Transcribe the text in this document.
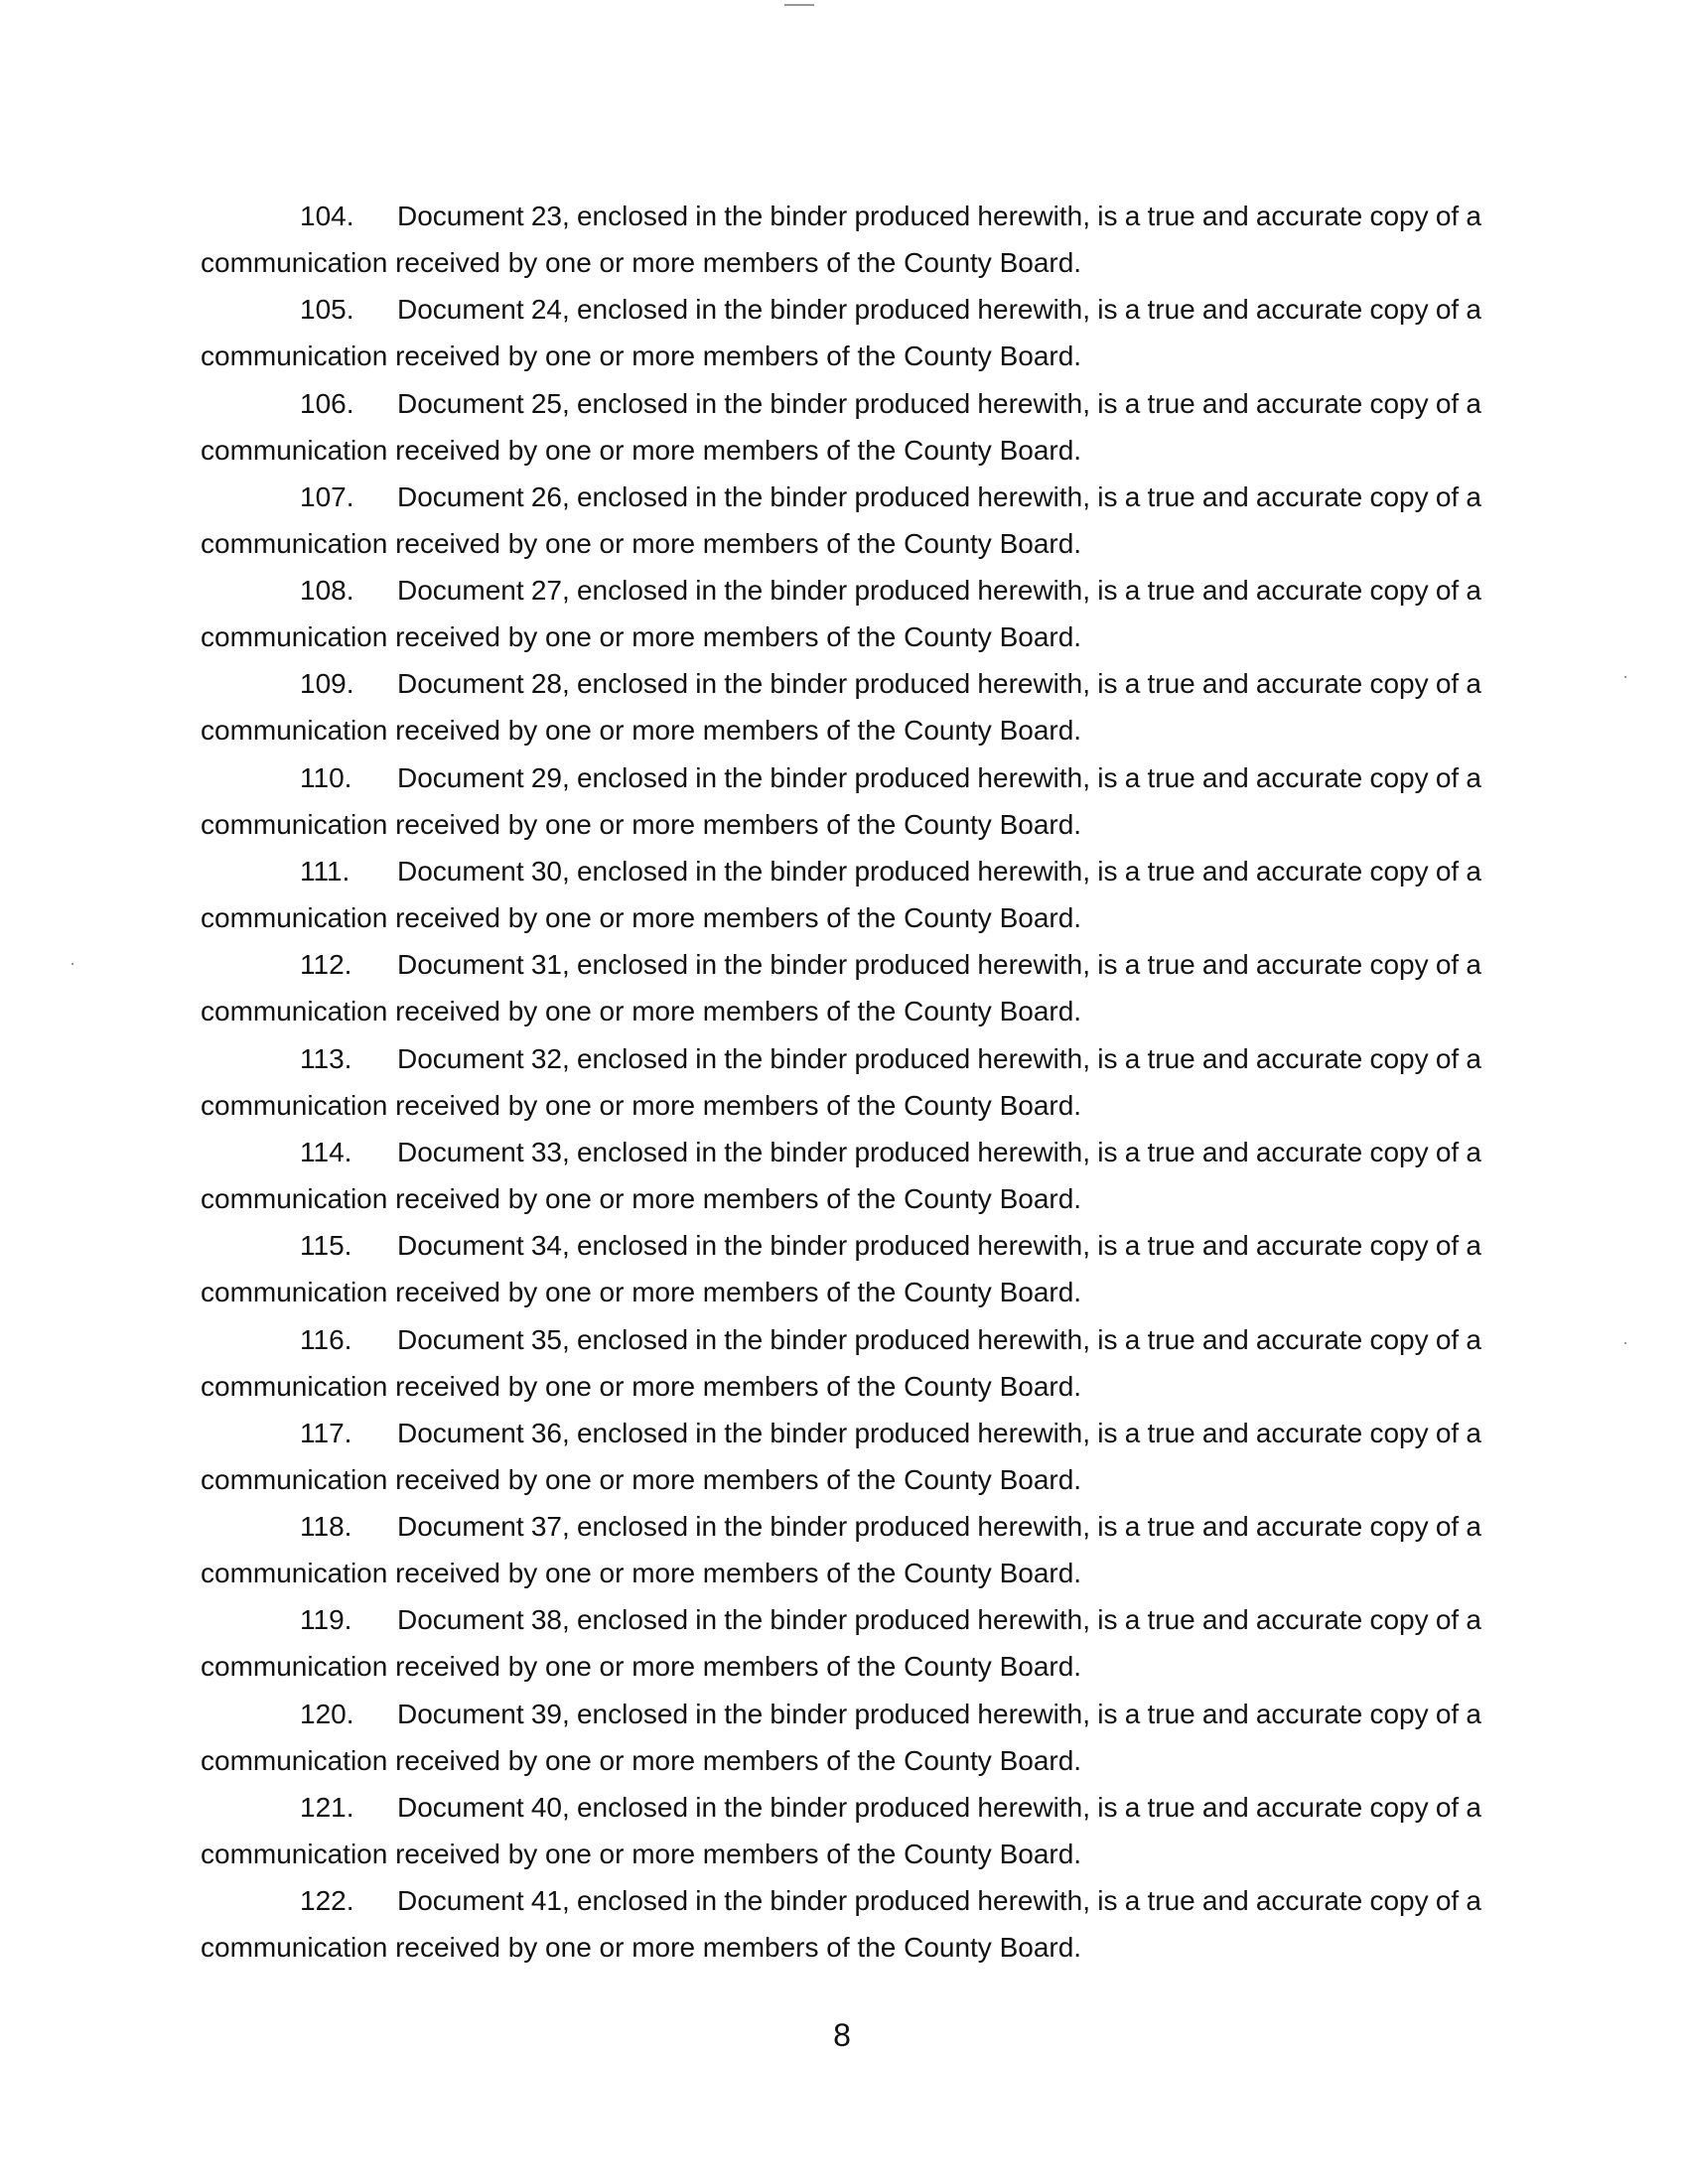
104.	Document 23, enclosed in the binder produced herewith, is a true and accurate copy of a
communication received by one or more members of the County Board.
105.	Document 24, enclosed in the binder produced herewith, is a true and accurate copy of a
communication received by one or more members of the County Board.
106.	Document 25, enclosed in the binder produced herewith, is a true and accurate copy of a
communication received by one or more members of the County Board.
107.	Document 26, enclosed in the binder produced herewith, is a true and accurate copy of a
communication received by one or more members of the County Board.
108.	Document 27, enclosed in the binder produced herewith, is a true and accurate copy of a
communication received by one or more members of the County Board.
109.	Document 28, enclosed in the binder produced herewith, is a true and accurate copy of a
communication received by one or more members of the County Board.
110.	Document 29, enclosed in the binder produced herewith, is a true and accurate copy of a
communication received by one or more members of the County Board.
111.	Document 30, enclosed in the binder produced herewith, is a true and accurate copy of a
communication received by one or more members of the County Board.
112.	Document 31, enclosed in the binder produced herewith, is a true and accurate copy of a
communication received by one or more members of the County Board.
113.	Document 32, enclosed in the binder produced herewith, is a true and accurate copy of a
communication received by one or more members of the County Board.
114.	Document 33, enclosed in the binder produced herewith, is a true and accurate copy of a
communication received by one or more members of the County Board.
115.	Document 34, enclosed in the binder produced herewith, is a true and accurate copy of a
communication received by one or more members of the County Board.
116.	Document 35, enclosed in the binder produced herewith, is a true and accurate copy of a
communication received by one or more members of the County Board.
117.	Document 36, enclosed in the binder produced herewith, is a true and accurate copy of a
communication received by one or more members of the County Board.
118.	Document 37, enclosed in the binder produced herewith, is a true and accurate copy of a
communication received by one or more members of the County Board.
119.	Document 38, enclosed in the binder produced herewith, is a true and accurate copy of a
communication received by one or more members of the County Board.
120.	Document 39, enclosed in the binder produced herewith, is a true and accurate copy of a
communication received by one or more members of the County Board.
121.	Document 40, enclosed in the binder produced herewith, is a true and accurate copy of a
communication received by one or more members of the County Board.
122.	Document 41, enclosed in the binder produced herewith, is a true and accurate copy of a
communication received by one or more members of the County Board.
8
